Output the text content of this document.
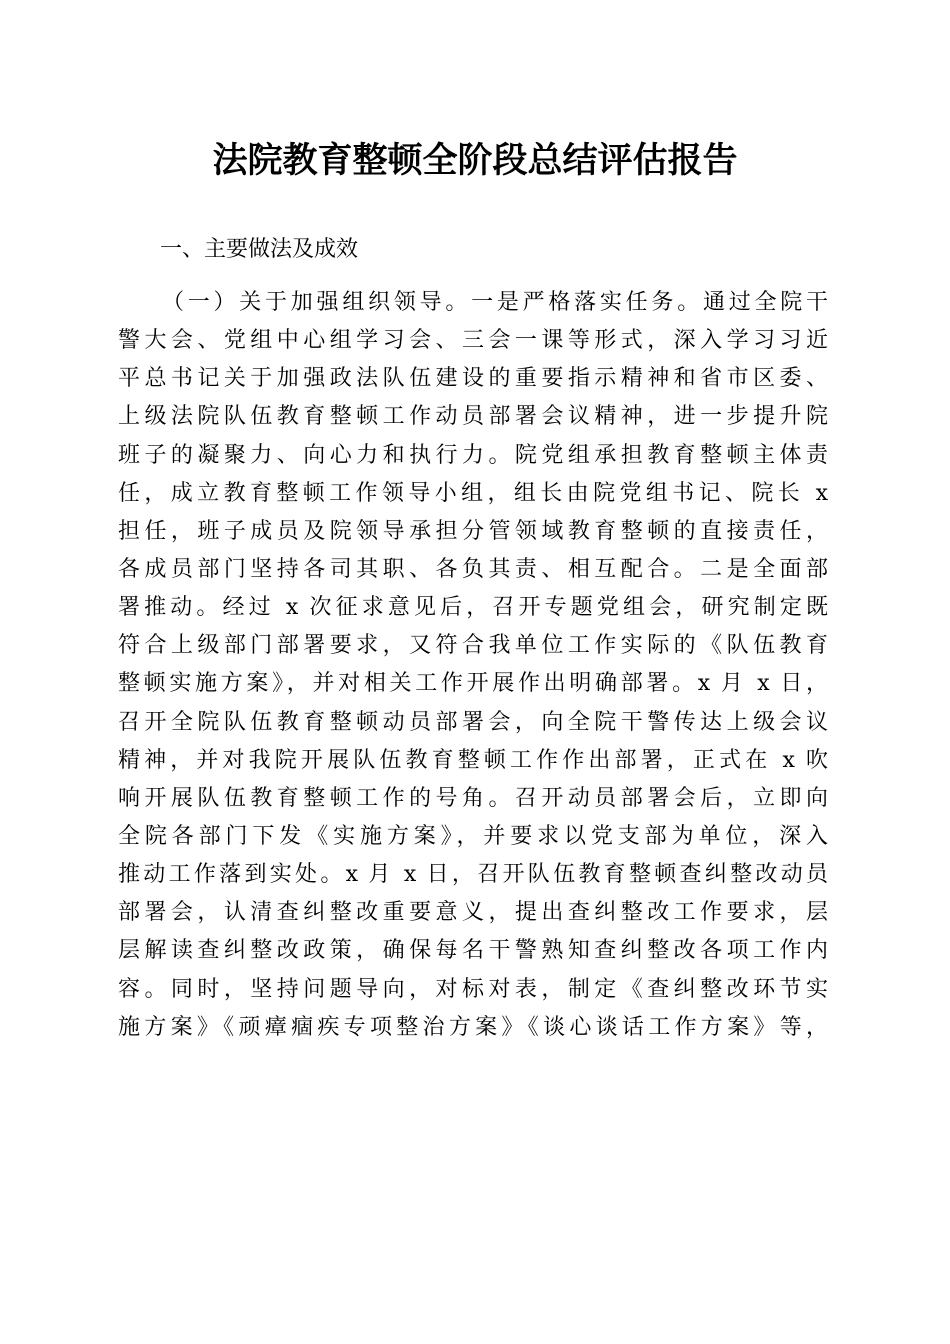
法院教育整顿全阶段总结评估报告
一、主要做法及成效
（一）关于加强组织领导。一是严格落实任务。通过全院干
警大会、党组中心组学习会、三会一课等形式，深入学习习近
平总书记关于加强政法队伍建设的重要指示精神和省市区委、
上级法院队伍教育整顿工作动员部署会议精神，进一步提升院
班子的凝聚力、向心力和执行力。院党组承担教育整顿主体责
任，成立教育整顿工作领导小组，组长由院党组书记、院长 x
担任，班子成员及院领导承担分管领域教育整顿的直接责任，
各成员部门坚持各司其职、各负其责、相互配合。二是全面部
署推动。经过 x 次征求意见后，召开专题党组会，研究制定既
符合上级部门部署要求，又符合我单位工作实际的《队伍教育
整顿实施方案》，并对相关工作开展作出明确部署。x 月 x 日，
召开全院队伍教育整顿动员部署会，向全院干警传达上级会议
精神，并对我院开展队伍教育整顿工作作出部署，正式在 x 吹
响开展队伍教育整顿工作的号角。召开动员部署会后，立即向
全院各部门下发《实施方案》，并要求以党支部为单位，深入
推动工作落到实处。x 月 x 日，召开队伍教育整顿查纠整改动员
部署会，认清查纠整改重要意义，提出查纠整改工作要求，层
层解读查纠整改政策，确保每名干警熟知查纠整改各项工作内
容。同时，坚持问题导向，对标对表，制定《查纠整改环节实
施方案》《顽瘴痼疾专项整治方案》《谈心谈话工作方案》等，
